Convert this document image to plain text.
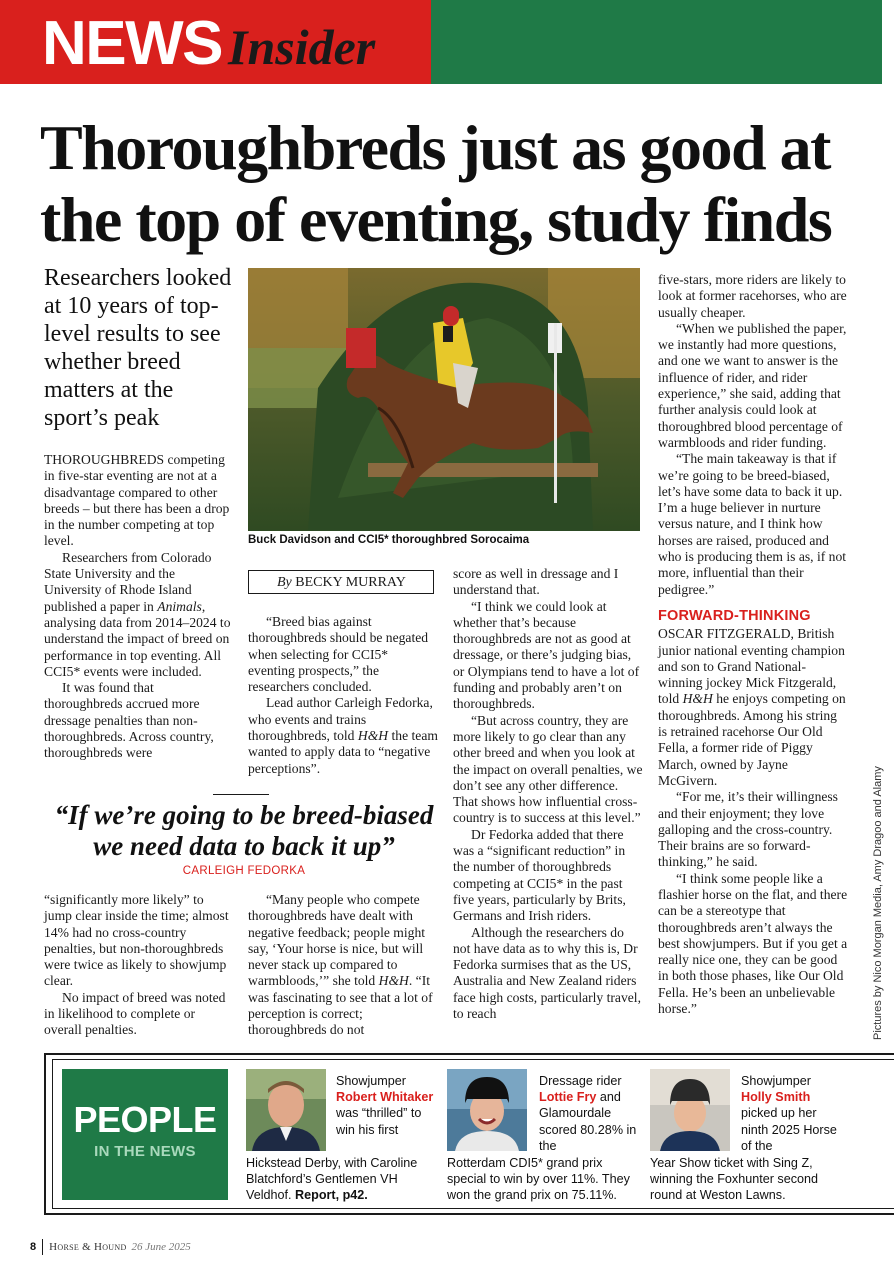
NEWS Insider
Thoroughbreds just as good at the top of eventing, study finds
Researchers looked at 10 years of top-level results to see whether breed matters at the sport’s peak

THOROUGHBREDS competing in five-star eventing are not at a disadvantage compared to other breeds – but there has been a drop in the number competing at top level.

Researchers from Colorado State University and the University of Rhode Island published a paper in Animals, analysing data from 2014–2024 to understand the impact of breed on performance in top eventing. All CCI5* events were included.

It was found that thoroughbreds accrued more dressage penalties than non-thoroughbreds. Across country, thoroughbreds were

Buck Davidson and CCI5* thoroughbred Sorocaima
By BECKY MURRAY

“Breed bias against thoroughbreds should be negated when selecting for CCI5* eventing prospects,” the researchers concluded.

Lead author Carleigh Fedorka, who events and trains thoroughbreds, told H&H the team wanted to apply data to “negative perceptions”.

score as well in dressage and I understand that.

“I think we could look at whether that’s because thoroughbreds are not as good at dressage, or there’s judging bias, or Olympians tend to have a lot of funding and probably aren’t on thoroughbreds.

“But across country, they are more likely to go clear than any other breed and when you look at the impact on overall penalties, we don’t see any other difference. That shows how influential cross-country is to success at this level.”

Dr Fedorka added that there was a “significant reduction” in the number of thoroughbreds competing at CCI5* in the past five years, particularly by Brits, Germans and Irish riders.

Although the researchers do not have data as to why this is, Dr Fedorka surmises that as the US, Australia and New Zealand riders face high costs, particularly travel, to reach

five-stars, more riders are likely to look at former racehorses, who are usually cheaper.

“When we published the paper, we instantly had more questions, and one we want to answer is the influence of rider, and rider experience,” she said, adding that further analysis could look at thoroughbred blood percentage of warmbloods and rider funding.

“The main takeaway is that if we’re going to be breed-biased, let’s have some data to back it up. I’m a huge believer in nurture versus nature, and I think how horses are raised, produced and who is producing them is as, if not more, influential than their pedigree.”

FORWARD-THINKING

OSCAR FITZGERALD, British junior national eventing champion and son to Grand National-winning jockey Mick Fitzgerald, told H&H he enjoys competing on thoroughbreds. Among his string is retrained racehorse Our Old Fella, a former ride of Piggy March, owned by Jayne McGivern.

“For me, it’s their willingness and their enjoyment; they love galloping and the cross-country. Their brains are so forward-thinking,” he said.

“I think some people like a flashier horse on the flat, and there can be a stereotype that thoroughbreds aren’t always the best showjumpers. But if you get a really nice one, they can be good in both those phases, like Our Old Fella. He’s been an unbelievable horse.”

“If we’re going to be breed-biased we need data to back it up”
CARLEIGH FEDORKA

“significantly more likely” to jump clear inside the time; almost 14% had no cross-country penalties, but non-thoroughbreds were twice as likely to showjump clear.

No impact of breed was noted in likelihood to complete or overall penalties.

“Many people who compete thoroughbreds have dealt with negative feedback; people might say, ‘Your horse is nice, but will never stack up compared to warmbloods,’” she told H&H. “It was fascinating to see that a lot of perception is correct; thoroughbreds do not	Pictures by Nico Morgan Media, Amy Dragoo and Alamy
PEOPLE
IN THE NEWS
Showjumper Robert Whitaker was “thrilled” to win his first
Hickstead Derby, with Caroline Blatchford’s Gentlemen VH Veldhof. Report, p42.
Dressage rider Lottie Fry and Glamourdale scored 80.28% in the
Rotterdam CDI5* grand prix special to win by over 11%. They won the grand prix on 75.11%.
Showjumper Holly Smith picked up her ninth 2025 Horse of the
Year Show ticket with Sing Z, winning the Foxhunter second round at Weston Lawns.
8 Horse & Hound 26 June 2025
